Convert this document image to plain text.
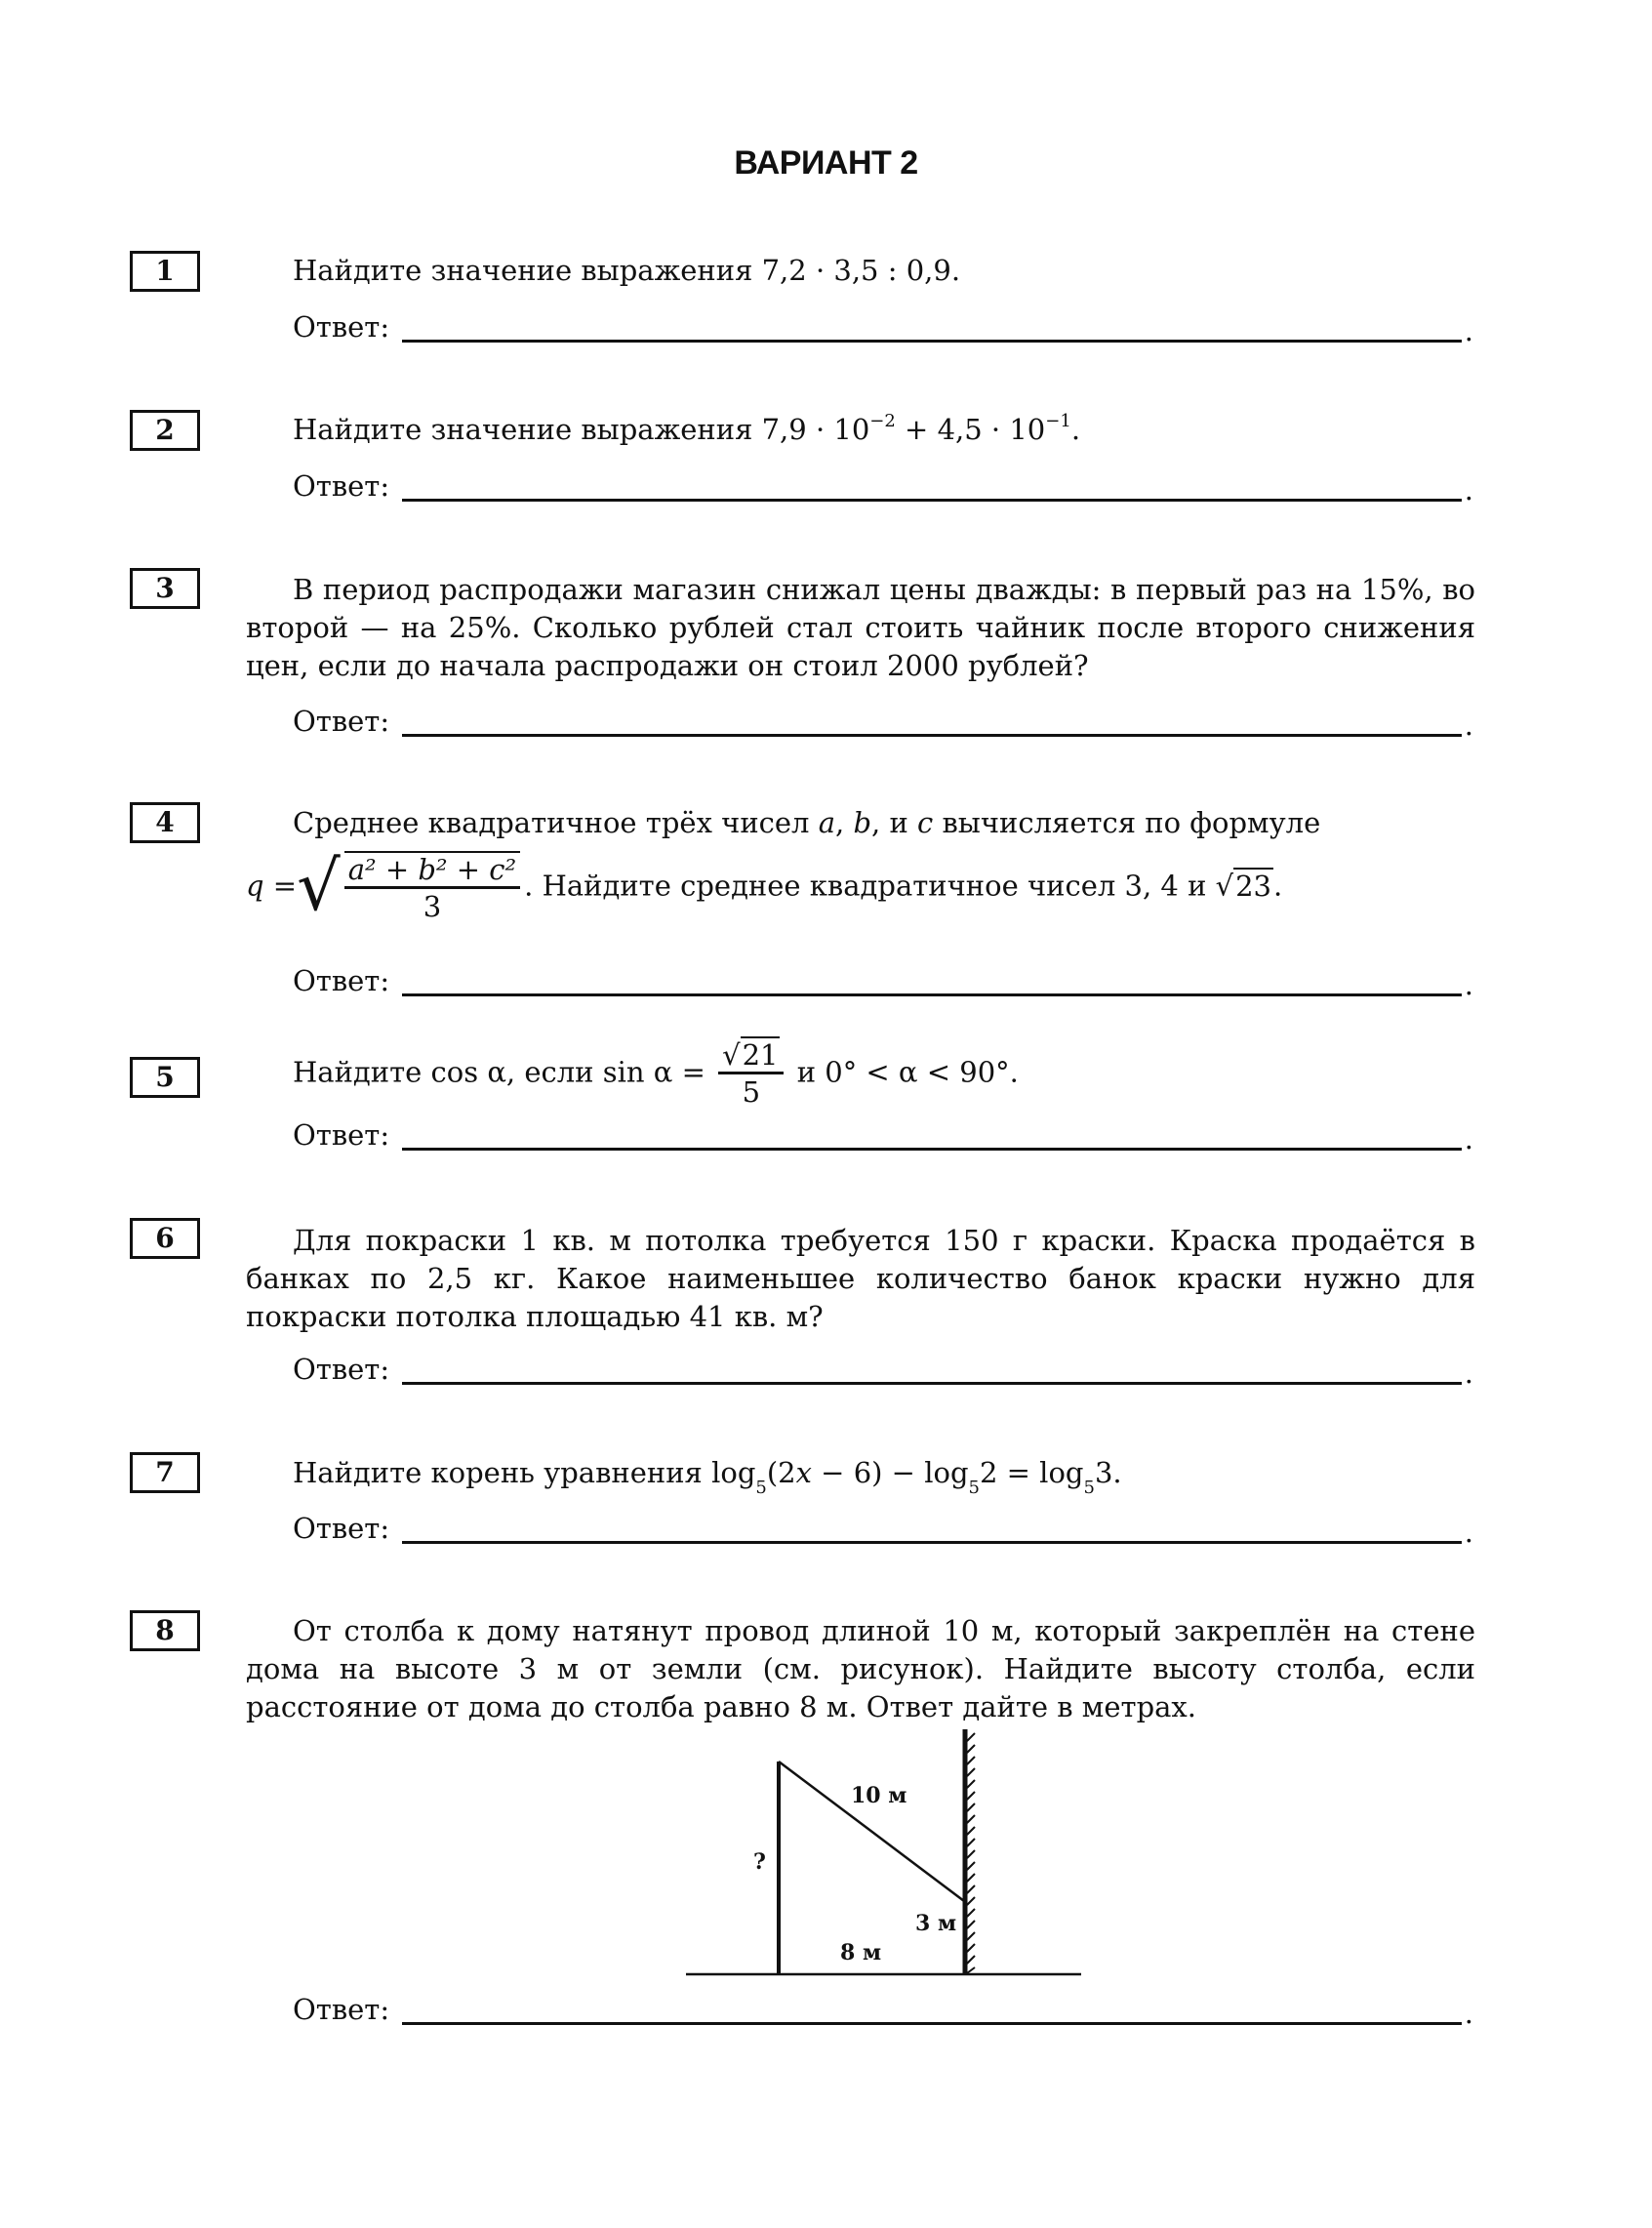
ВАРИАНТ 2
1	Найдите значение выражения 7,2 · 3,5 : 0,9.
Ответ:	.
2	Найдите значение выражения $7,9 \cdot 10^{-2} + 4,5 \cdot 10^{-1}$.
Ответ:	.
3	В период распродажи магазин снижал цены дважды: в первый раз на 15%, во второй — на 25%. Сколько рублей стал стоить чайник после второго снижения цен, если до начала распродажи он стоил 2000 рублей?
Ответ:	.
4	Среднее квадратичное трёх чисел a, b, и c вычисляется по формуле
q =√ $\frac{\text{a² + b² + c²}}{3}$ . Найдите среднее квадратичное чисел 3, 4 и √23.
Ответ:	.
5	Найдите cos α, если $\sin \alpha = \frac{√21}{5}$ и 0° < α < 90°.
Ответ:	.
6	Для покраски 1 кв. м потолка требуется 150 г краски. Краска продаётся в банках по 2,5 кг. Какое наименьшее количество банок краски нужно для покраски потолка площадью 41 кв. м?
Ответ:	.
7	Найдите корень уравнения $\log_5(2x - 6) - \log_52 = \log_53$.
Ответ:	.
8	От столба к дому натянут провод длиной 10 м, который закреплён на стене дома на высоте 3 м от земли (см. рисунок). Найдите высоту столба, если расстояние от дома до столба равно 8 м. Ответ дайте в метрах.
10 м
?
3 м
8 м
Ответ:	.
